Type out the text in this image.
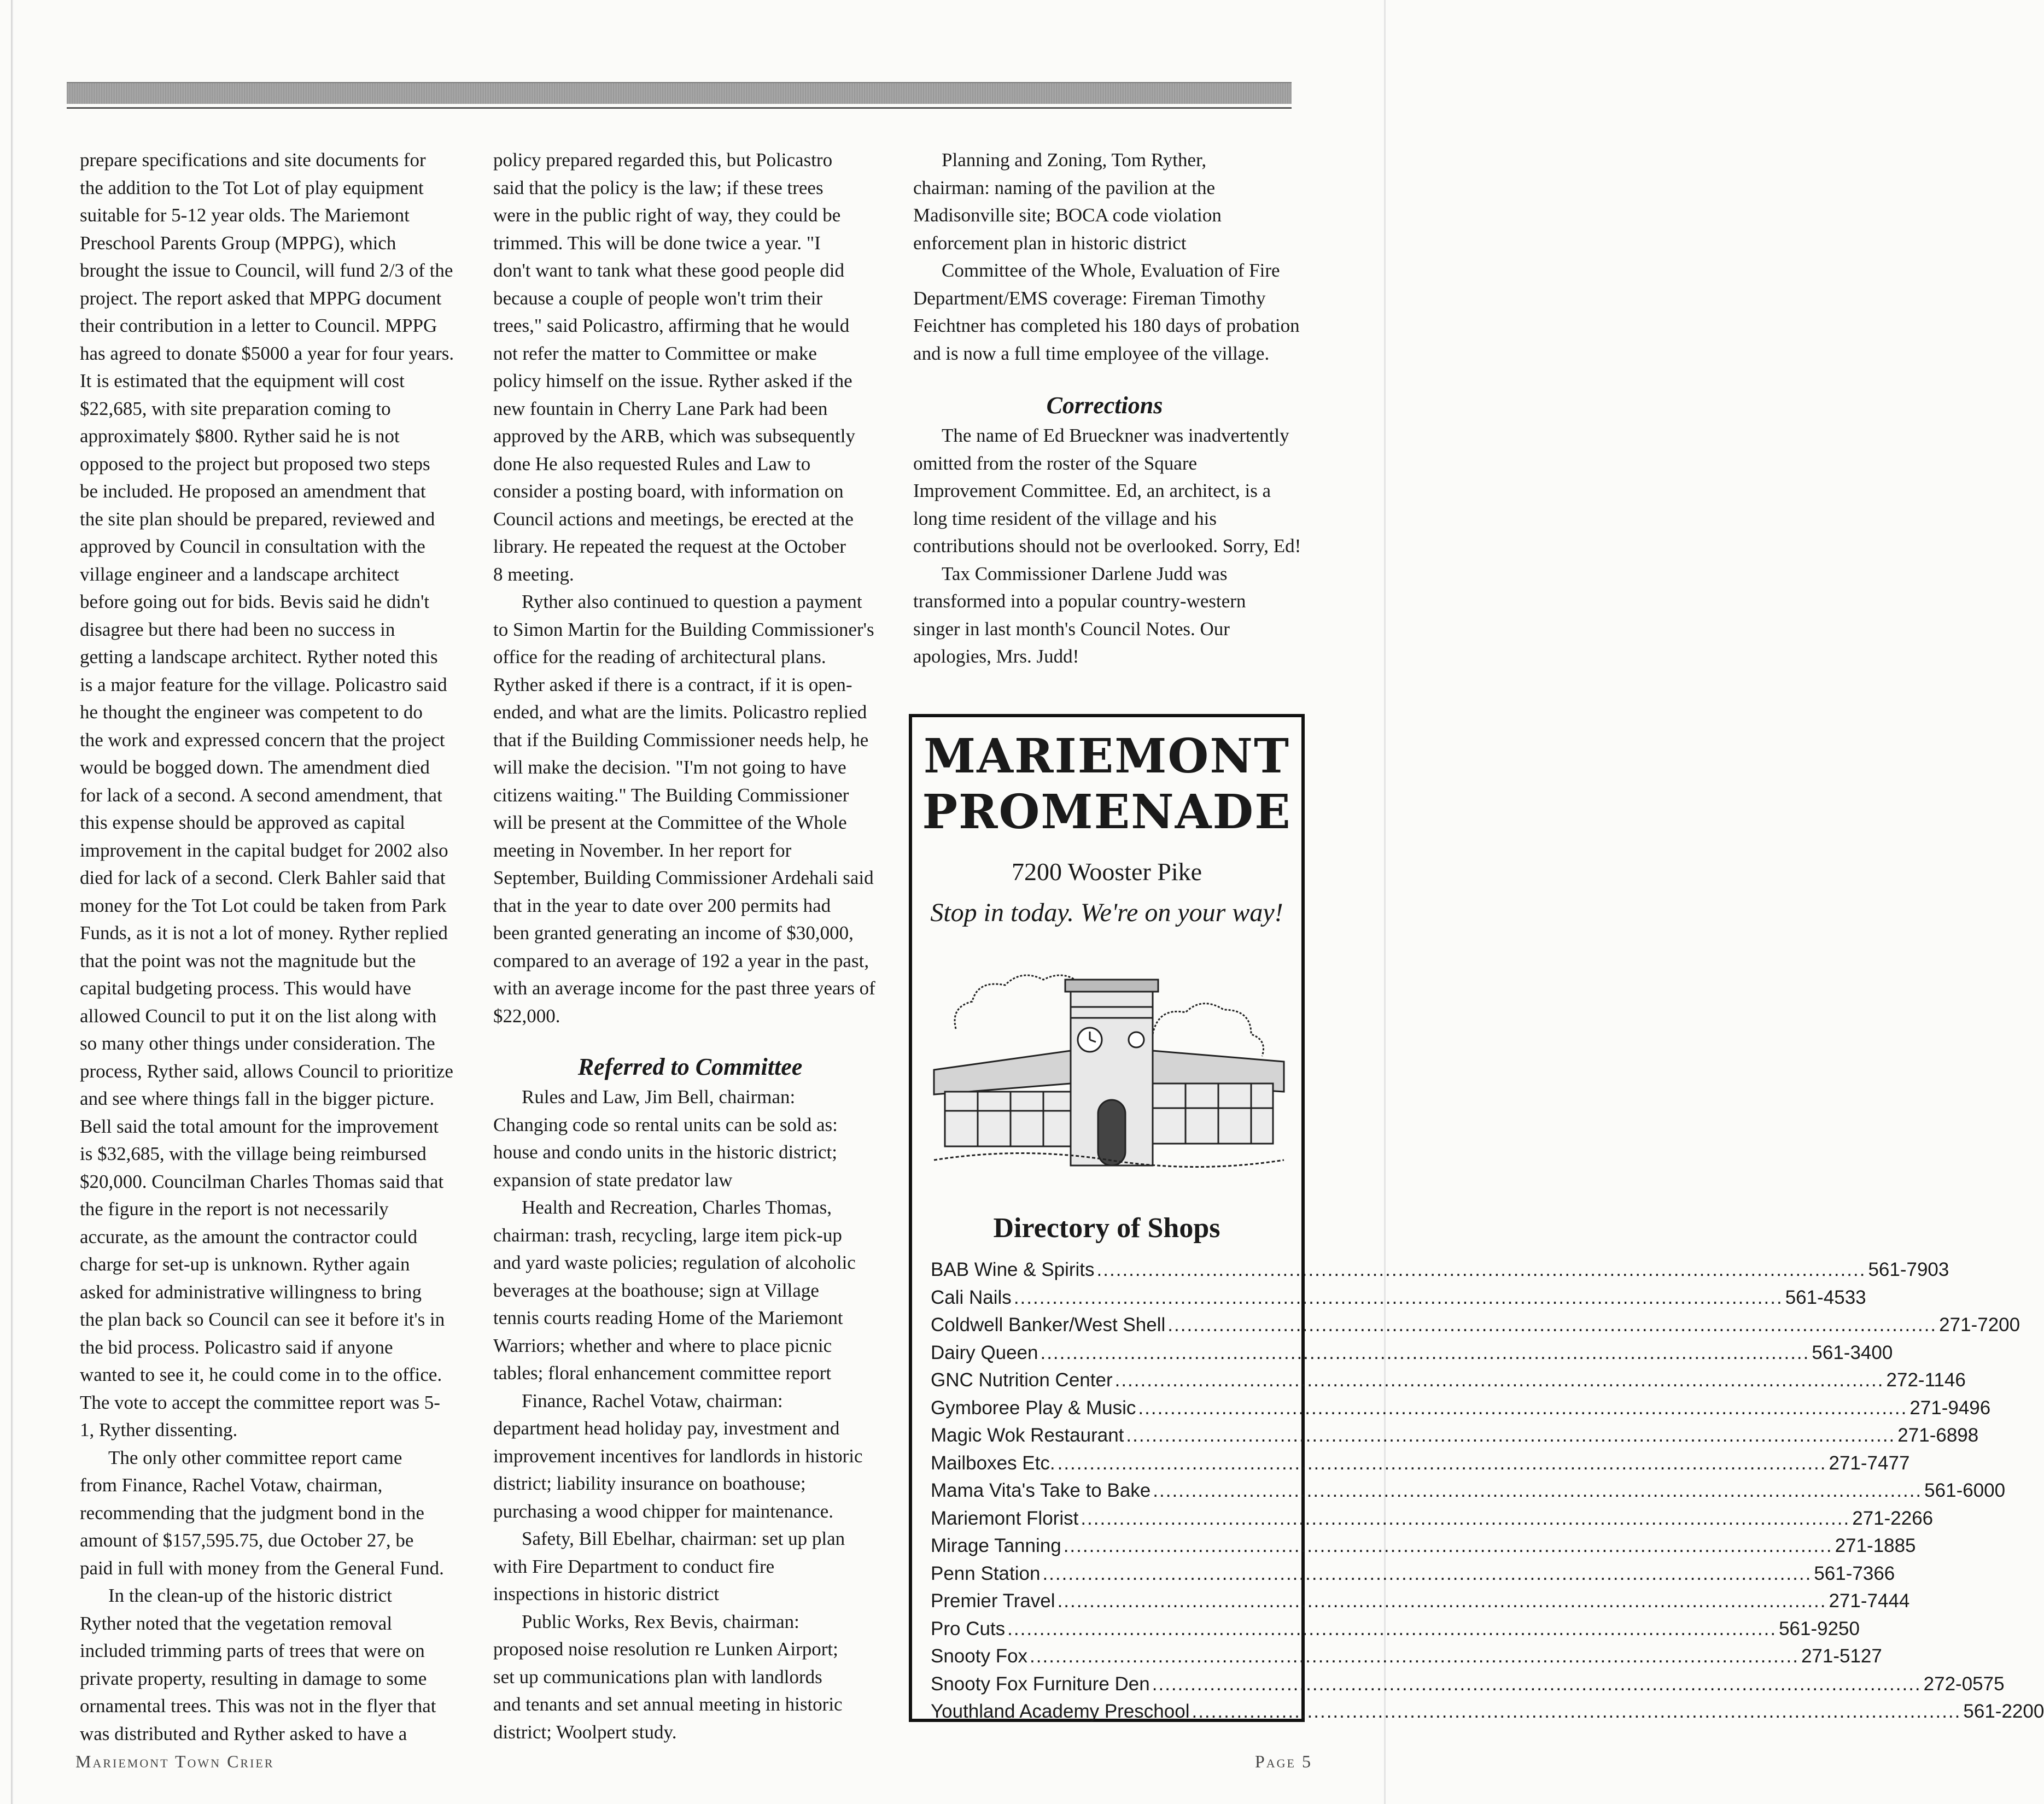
prepare specifications and site documents for
the addition to the Tot Lot of play equipment
suitable for 5-12 year olds. The Mariemont
Preschool Parents Group (MPPG), which
brought the issue to Council, will fund 2/3 of the
project. The report asked that MPPG document
their contribution in a letter to Council. MPPG
has agreed to donate $5000 a year for four years.
It is estimated that the equipment will cost
$22,685, with site preparation coming to
approximately $800. Ryther said he is not
opposed to the project but proposed two steps
be included. He proposed an amendment that
the site plan should be prepared, reviewed and
approved by Council in consultation with the
village engineer and a landscape architect
before going out for bids. Bevis said he didn't
disagree but there had been no success in
getting a landscape architect. Ryther noted this
is a major feature for the village. Policastro said
he thought the engineer was competent to do
the work and expressed concern that the project
would be bogged down. The amendment died
for lack of a second. A second amendment, that
this expense should be approved as capital
improvement in the capital budget for 2002 also
died for lack of a second. Clerk Bahler said that
money for the Tot Lot could be taken from Park
Funds, as it is not a lot of money. Ryther replied
that the point was not the magnitude but the
capital budgeting process. This would have
allowed Council to put it on the list along with
so many other things under consideration. The
process, Ryther said, allows Council to prioritize
and see where things fall in the bigger picture.
Bell said the total amount for the improvement
is $32,685, with the village being reimbursed
$20,000. Councilman Charles Thomas said that
the figure in the report is not necessarily
accurate, as the amount the contractor could
charge for set-up is unknown. Ryther again
asked for administrative willingness to bring
the plan back so Council can see it before it's in
the bid process. Policastro said if anyone
wanted to see it, he could come in to the office.
The vote to accept the committee report was 5-
1, Ryther dissenting.

The only other committee report came
from Finance, Rachel Votaw, chairman,
recommending that the judgment bond in the
amount of $157,595.75, due October 27, be
paid in full with money from the General Fund.

In the clean-up of the historic district
Ryther noted that the vegetation removal
included trimming parts of trees that were on
private property, resulting in damage to some
ornamental trees. This was not in the flyer that
was distributed and Ryther asked to have a

policy prepared regarded this, but Policastro
said that the policy is the law; if these trees
were in the public right of way, they could be
trimmed. This will be done twice a year. "I
don't want to tank what these good people did
because a couple of people won't trim their
trees," said Policastro, affirming that he would
not refer the matter to Committee or make
policy himself on the issue. Ryther asked if the
new fountain in Cherry Lane Park had been
approved by the ARB, which was subsequently
done He also requested Rules and Law to
consider a posting board, with information on
Council actions and meetings, be erected at the
library. He repeated the request at the October
8 meeting.

Ryther also continued to question a payment
to Simon Martin for the Building Commissioner's
office for the reading of architectural plans.
Ryther asked if there is a contract, if it is open-
ended, and what are the limits. Policastro replied
that if the Building Commissioner needs help, he
will make the decision. "I'm not going to have
citizens waiting." The Building Commissioner
will be present at the Committee of the Whole
meeting in November. In her report for
September, Building Commissioner Ardehali said
that in the year to date over 200 permits had
been granted generating an income of $30,000,
compared to an average of 192 a year in the past,
with an average income for the past three years of
$22,000.

Referred to Committee

Rules and Law, Jim Bell, chairman:
Changing code so rental units can be sold as:
house and condo units in the historic district;
expansion of state predator law

Health and Recreation, Charles Thomas,
chairman: trash, recycling, large item pick-up
and yard waste policies; regulation of alcoholic
beverages at the boathouse; sign at Village
tennis courts reading Home of the Mariemont
Warriors; whether and where to place picnic
tables; floral enhancement committee report

Finance, Rachel Votaw, chairman:
department head holiday pay, investment and
improvement incentives for landlords in historic
district; liability insurance on boathouse;
purchasing a wood chipper for maintenance.

Safety, Bill Ebelhar, chairman: set up plan
with Fire Department to conduct fire
inspections in historic district

Public Works, Rex Bevis, chairman:
proposed noise resolution re Lunken Airport;
set up communications plan with landlords
and tenants and set annual meeting in historic
district; Woolpert study.

Planning and Zoning, Tom Ryther,
chairman: naming of the pavilion at the
Madisonville site; BOCA code violation
enforcement plan in historic district

Committee of the Whole, Evaluation of Fire
Department/EMS coverage: Fireman Timothy
Feichtner has completed his 180 days of probation
and is now a full time employee of the village.

Corrections

The name of Ed Brueckner was inadvertently
omitted from the roster of the Square
Improvement Committee. Ed, an architect, is a
long time resident of the village and his
contributions should not be overlooked. Sorry, Ed!

Tax Commissioner Darlene Judd was
transformed into a popular country-western
singer in last month's Council Notes. Our
apologies, Mrs. Judd!

MARIEMONT
PROMENADE
7200 Wooster Pike
Stop in today. We're on your way!
Directory of Shops
BAB Wine & Spirits ........................................................................................................................ 561-7903
Cali Nails ........................................................................................................................ 561-4533
Coldwell Banker/West Shell ........................................................................................................................ 271-7200
Dairy Queen ........................................................................................................................ 561-3400
GNC Nutrition Center ........................................................................................................................ 272-1146
Gymboree Play & Music ........................................................................................................................ 271-9496
Magic Wok Restaurant ........................................................................................................................ 271-6898
Mailboxes Etc. ........................................................................................................................ 271-7477
Mama Vita's Take to Bake ........................................................................................................................ 561-6000
Mariemont Florist ........................................................................................................................ 271-2266
Mirage Tanning ........................................................................................................................ 271-1885
Penn Station ........................................................................................................................ 561-7366
Premier Travel ........................................................................................................................ 271-7444
Pro Cuts ........................................................................................................................ 561-9250
Snooty Fox ........................................................................................................................ 271-5127
Snooty Fox Furniture Den ........................................................................................................................ 272-0575
Youthland Academy Preschool ........................................................................................................................ 561-2200
Mariemont Town Crier	Page 5
